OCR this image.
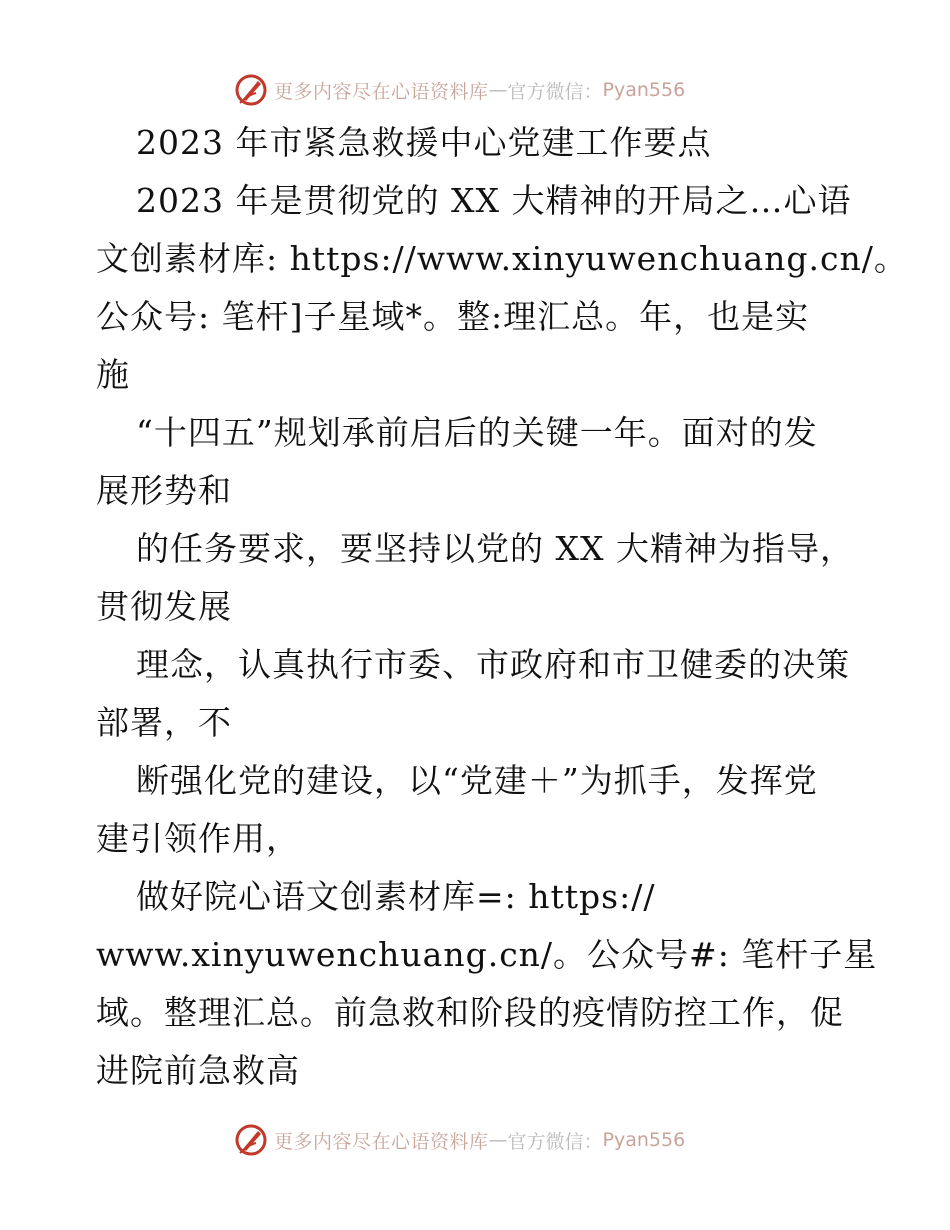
更多内容尽在心语资料库 — 官方微信： Pyan556
2023 年市紧急救援中心党建工作要点
2023 年是贯彻党的 XX 大精神的开局之…心语
文创素材库: https://www.xinyuwenchuang.cn/。
公众号: 笔杆]子星域*。整:理汇总。年，也是实
施
“十四五”规划承前启后的关键一年。面对的发
展形势和
的任务要求，要坚持以党的 XX 大精神为指导，
贯彻发展
理念，认真执行市委、市政府和市卫健委的决策
部署，不
断强化党的建设，以“党建＋”为抓手，发挥党
建引领作用，
做好院心语文创素材库=: https://
www.xinyuwenchuang.cn/。公众号#: 笔杆子星
域。整理汇总。前急救和阶段的疫情防控工作，促
进院前急救高
更多内容尽在心语资料库 — 官方微信： Pyan556
